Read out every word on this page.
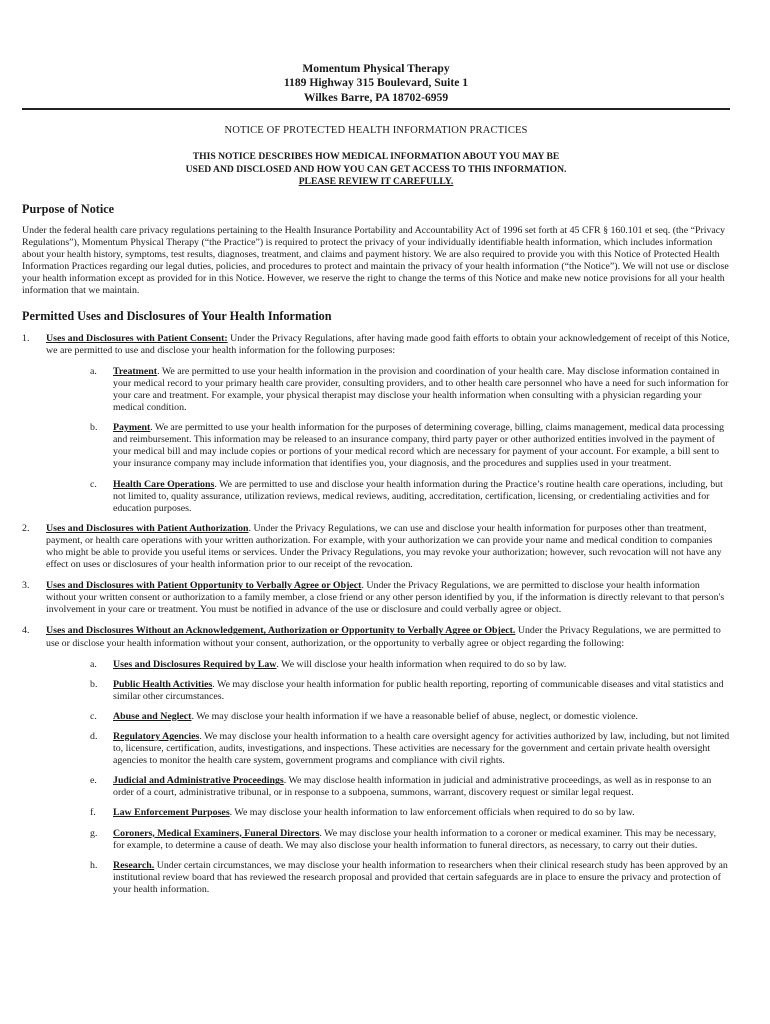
Momentum Physical Therapy
1189 Highway 315 Boulevard, Suite 1
Wilkes Barre, PA 18702-6959
NOTICE OF PROTECTED HEALTH INFORMATION PRACTICES
THIS NOTICE DESCRIBES HOW MEDICAL INFORMATION ABOUT YOU MAY BE
USED AND DISCLOSED AND HOW YOU CAN GET ACCESS TO THIS INFORMATION.
PLEASE REVIEW IT CAREFULLY.
Purpose of Notice

Under the federal health care privacy regulations pertaining to the Health Insurance Portability and Accountability Act of 1996 set forth at 45 CFR § 160.101 et seq. (the “Privacy Regulations”), Momentum Physical Therapy (“the Practice”) is required to protect the privacy of your individually identifiable health information, which includes information about your health history, symptoms, test results, diagnoses, treatment, and claims and payment history. We are also required to provide you with this Notice of Protected Health Information Practices regarding our legal duties, policies, and procedures to protect and maintain the privacy of your health information (“the Notice”). We will not use or disclose your health information except as provided for in this Notice. However, we reserve the right to change the terms of this Notice and make new notice provisions for all your health information that we maintain.

Permitted Uses and Disclosures of Your Health Information
1. Uses and Disclosures with Patient Consent: Under the Privacy Regulations, after having made good faith efforts to obtain your acknowledgement of receipt of this Notice, we are permitted to use and disclose your health information for the following purposes:
a. Treatment. We are permitted to use your health information in the provision and coordination of your health care. May disclose information contained in your medical record to your primary health care provider, consulting providers, and to other health care personnel who have a need for such information for your care and treatment. For example, your physical therapist may disclose your health information when consulting with a physician regarding your medical condition.
b. Payment. We are permitted to use your health information for the purposes of determining coverage, billing, claims management, medical data processing and reimbursement. This information may be released to an insurance company, third party payer or other authorized entities involved in the payment of your medical bill and may include copies or portions of your medical record which are necessary for payment of your account. For example, a bill sent to your insurance company may include information that identifies you, your diagnosis, and the procedures and supplies used in your treatment.
c. Health Care Operations. We are permitted to use and disclose your health information during the Practice’s routine health care operations, including, but not limited to, quality assurance, utilization reviews, medical reviews, auditing, accreditation, certification, licensing, or credentialing activities and for education purposes.
2. Uses and Disclosures with Patient Authorization. Under the Privacy Regulations, we can use and disclose your health information for purposes other than treatment, payment, or health care operations with your written authorization. For example, with your authorization we can provide your name and medical condition to companies who might be able to provide you useful items or services. Under the Privacy Regulations, you may revoke your authorization; however, such revocation will not have any effect on uses or disclosures of your health information prior to our receipt of the revocation.
3. Uses and Disclosures with Patient Opportunity to Verbally Agree or Object. Under the Privacy Regulations, we are permitted to disclose your health information without your written consent or authorization to a family member, a close friend or any other person identified by you, if the information is directly relevant to that person's involvement in your care or treatment. You must be notified in advance of the use or disclosure and could verbally agree or object.
4. Uses and Disclosures Without an Acknowledgement, Authorization or Opportunity to Verbally Agree or Object. Under the Privacy Regulations, we are permitted to use or disclose your health information without your consent, authorization, or the opportunity to verbally agree or object regarding the following:
a. Uses and Disclosures Required by Law. We will disclose your health information when required to do so by law.
b. Public Health Activities. We may disclose your health information for public health reporting, reporting of communicable diseases and vital statistics and similar other circumstances.
c. Abuse and Neglect. We may disclose your health information if we have a reasonable belief of abuse, neglect, or domestic violence.
d. Regulatory Agencies. We may disclose your health information to a health care oversight agency for activities authorized by law, including, but not limited to, licensure, certification, audits, investigations, and inspections. These activities are necessary for the government and certain private health oversight agencies to monitor the health care system, government programs and compliance with civil rights.
e. Judicial and Administrative Proceedings. We may disclose health information in judicial and administrative proceedings, as well as in response to an order of a court, administrative tribunal, or in response to a subpoena, summons, warrant, discovery request or similar legal request.
f. Law Enforcement Purposes. We may disclose your health information to law enforcement officials when required to do so by law.
g. Coroners, Medical Examiners, Funeral Directors. We may disclose your health information to a coroner or medical examiner. This may be necessary, for example, to determine a cause of death. We may also disclose your health information to funeral directors, as necessary, to carry out their duties.
h. Research. Under certain circumstances, we may disclose your health information to researchers when their clinical research study has been approved by an institutional review board that has reviewed the research proposal and provided that certain safeguards are in place to ensure the privacy and protection of your health information.
